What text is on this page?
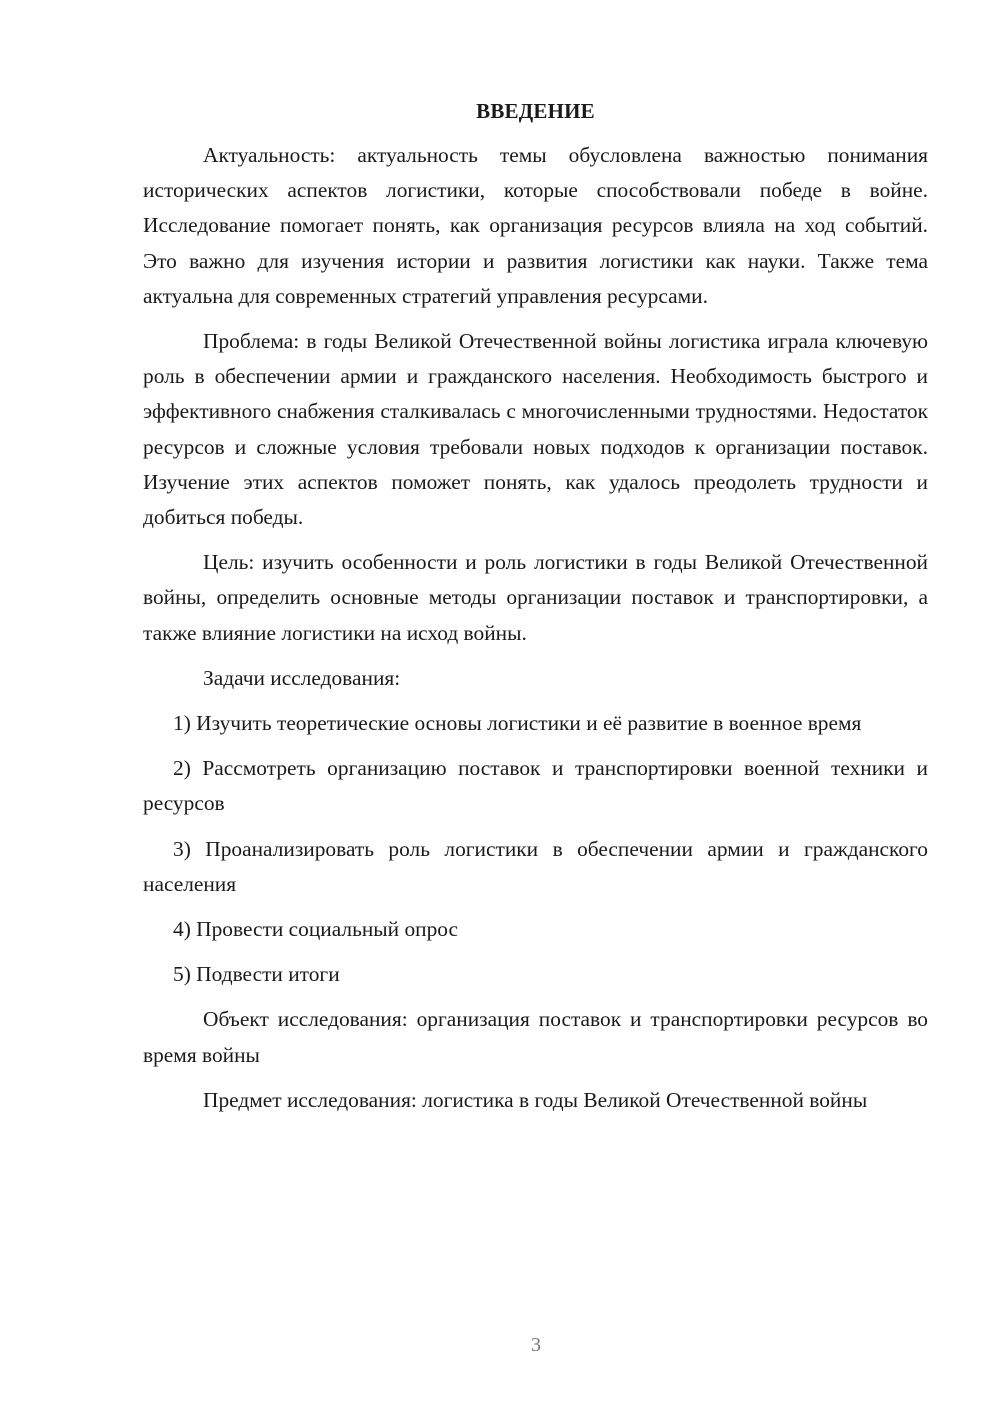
ВВЕДЕНИЕ

Актуальность: актуальность темы обусловлена важностью понимания исторических аспектов логистики, которые способствовали победе в войне. Исследование помогает понять, как организация ресурсов влияла на ход событий. Это важно для изучения истории и развития логистики как науки. Также тема актуальна для современных стратегий управления ресурсами.

Проблема: в годы Великой Отечественной войны логистика играла ключевую роль в обеспечении армии и гражданского населения. Необходимость быстрого и эффективного снабжения сталкивалась с многочисленными трудностями. Недостаток ресурсов и сложные условия требовали новых подходов к организации поставок. Изучение этих аспектов поможет понять, как удалось преодолеть трудности и добиться победы.

Цель: изучить особенности и роль логистики в годы Великой Отечественной войны, определить основные методы организации поставок и транспортировки, а также влияние логистики на исход войны.

Задачи исследования:

1) Изучить теоретические основы логистики и её развитие в военное время

2) Рассмотреть организацию поставок и транспортировки военной техники и ресурсов

3) Проанализировать роль логистики в обеспечении армии и гражданского населения

4) Провести социальный опрос

5) Подвести итоги

Объект исследования: организация поставок и транспортировки ресурсов во время войны

Предмет исследования: логистика в годы Великой Отечественной войны

3
